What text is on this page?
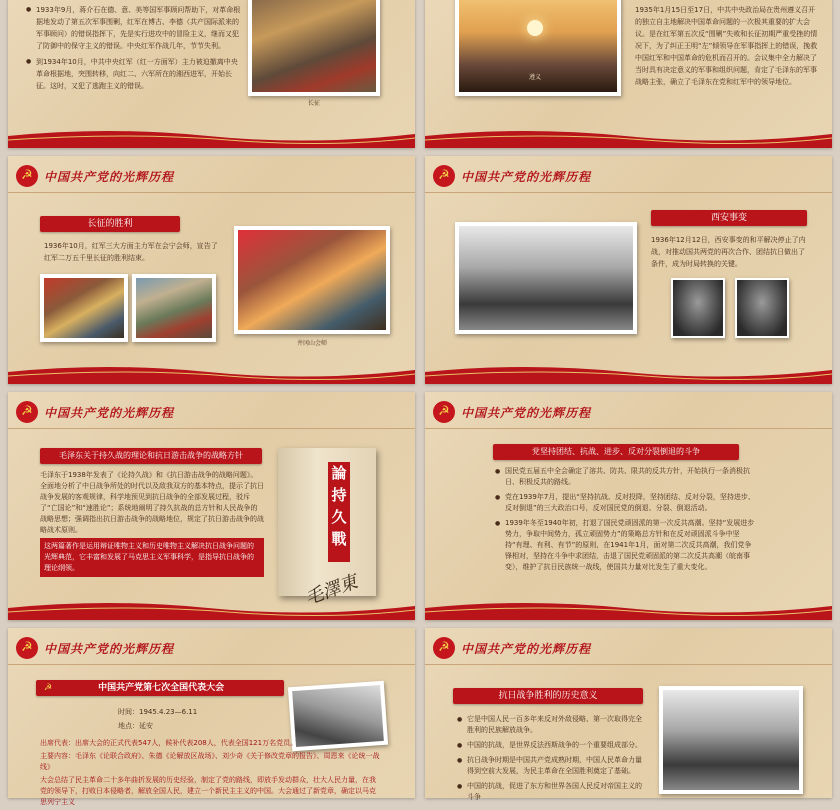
● 1933年9月，蒋介石在德、意、美等国军事顾问帮助下，对革命根据地发动了第五次军事围剿，红军在博古、李德（共产国际派来的军事顾问）的错误指挥下，先是实行进攻中的冒险主义，继而又犯了防御中的保守主义的错误。中央红军作战几年，节节失利。
● 到1934年10月，中共中央红军（红一方面军）主力被迫撤离中央革命根据地，突围转移，向红二、六军所在的湘西进军，开始长征。这时，又犯了逃跑主义的错误。
长征
遵义
1935年1月15日至17日，中共中央政治局在贵州遵义召开的独立自主地解决中国革命问题的一次极其重要的扩大会议。是在红军第五次反“围剿”失败和长征初期严重受挫的情况下，为了纠正王明“左”倾领导在军事指挥上的错误，挽救中国红军和中国革命的危机而召开的。会议集中全力解决了当时具有决定意义的军事和组织问题，肯定了毛泽东的军事战略主张，确立了毛泽东在党和红军中的领导地位。
☭ 中国共产党的光辉历程
长征的胜利
1936年10月，红军三大方面主力军在会宁会师，宣告了红军二万五千里长征的胜利结束。
井冈山会师
☭ 中国共产党的光辉历程
西安事变
1936年12月12日，西安事变的和平解决停止了内战，对推动国共两党的再次合作、团结抗日做出了条件，成为时局转换的关键。
☭ 中国共产党的光辉历程
毛泽东关于持久战的理论和抗日游击战争的战略方针

毛泽东于1938年发表了《论持久战》和《抗日游击战争的战略问题》。全面地分析了中日战争所处的时代以及敌我双方的基本特点，提示了抗日战争发展的客观规律，科学地预见到抗日战争的全部发展过程，驳斥了“亡国论”和“速胜论”；系统地阐明了持久抗战的总方针和人民战争的战略思想；强调指出抗日游击战争的战略地位，规定了抗日游击战争的战略战术原则。

这两篇著作是运用辩证唯物主义和历史唯物主义解决抗日战争问题的光辉典范，它丰富和发展了马克思主义军事科学，是指导抗日战争的理论纲领。

論持久戰
毛澤東
☭ 中国共产党的光辉历程
党坚持团结、抗战、进步、反对分裂倒退的斗争
● 国民党五届五中全会确定了溶共、防共、限共的反共方针，开始执行一条消极抗日、积极反共的路线。
● 党在1939年7月，提出“坚持抗战、反对投降，坚持团结、反对分裂，坚持进步、反对倒退”的三大政治口号，反对国民党的倒退、分裂、倒退活动。
● 1939年冬至1940年初，打退了国民党顽固派的第一次反共高潮。坚持“发展进步势力，争取中间势力，孤立顽固势力”的策略总方针和在反对顽固派斗争中坚持“有理、有利、有节”的原则，在1941年1月，面对第二次反共高潮，我们党争锋相对，坚持在斗争中求团结，击退了国民党顽固派的第二次反共高潮（皖南事变），维护了抗日民族统一战线，使国共力量对比发生了重大变化。
☭ 中国共产党的光辉历程
☭	中国共产党第七次全国代表大会

时间：1945.4.23—6.11

地点：延安

出席代表：出席大会的正式代表547人，候补代表208人，代表全国121万名党员。

主要内容：毛泽东《论联合政府》、朱德《论解放区战场》、刘少奇《关于修改党章的报告》、周恩来《论统一战线》

大会总结了民主革命二十多年曲折发展的历史经验，制定了党的路线，即放手发动群众，壮大人民力量，在我党的领导下，打败日本侵略者，解放全国人民，建立一个新民主主义的中国。大会通过了新党章，确定以马克思列宁主义

☭ 中国共产党的光辉历程
抗日战争胜利的历史意义
● 它是中国人民一百多年来反对外敌侵略、第一次取得完全胜利的民族解放战争。
● 中国的抗战，是世界反法西斯战争的一个重要组成部分。
● 抗日战争时期是中国共产党成熟时期，中国人民革命力量得到空前大发展，为民主革命在全国胜利奠定了基础。
● 中国的抗战，促进了东方和世界各国人民反对帝国主义的斗争
